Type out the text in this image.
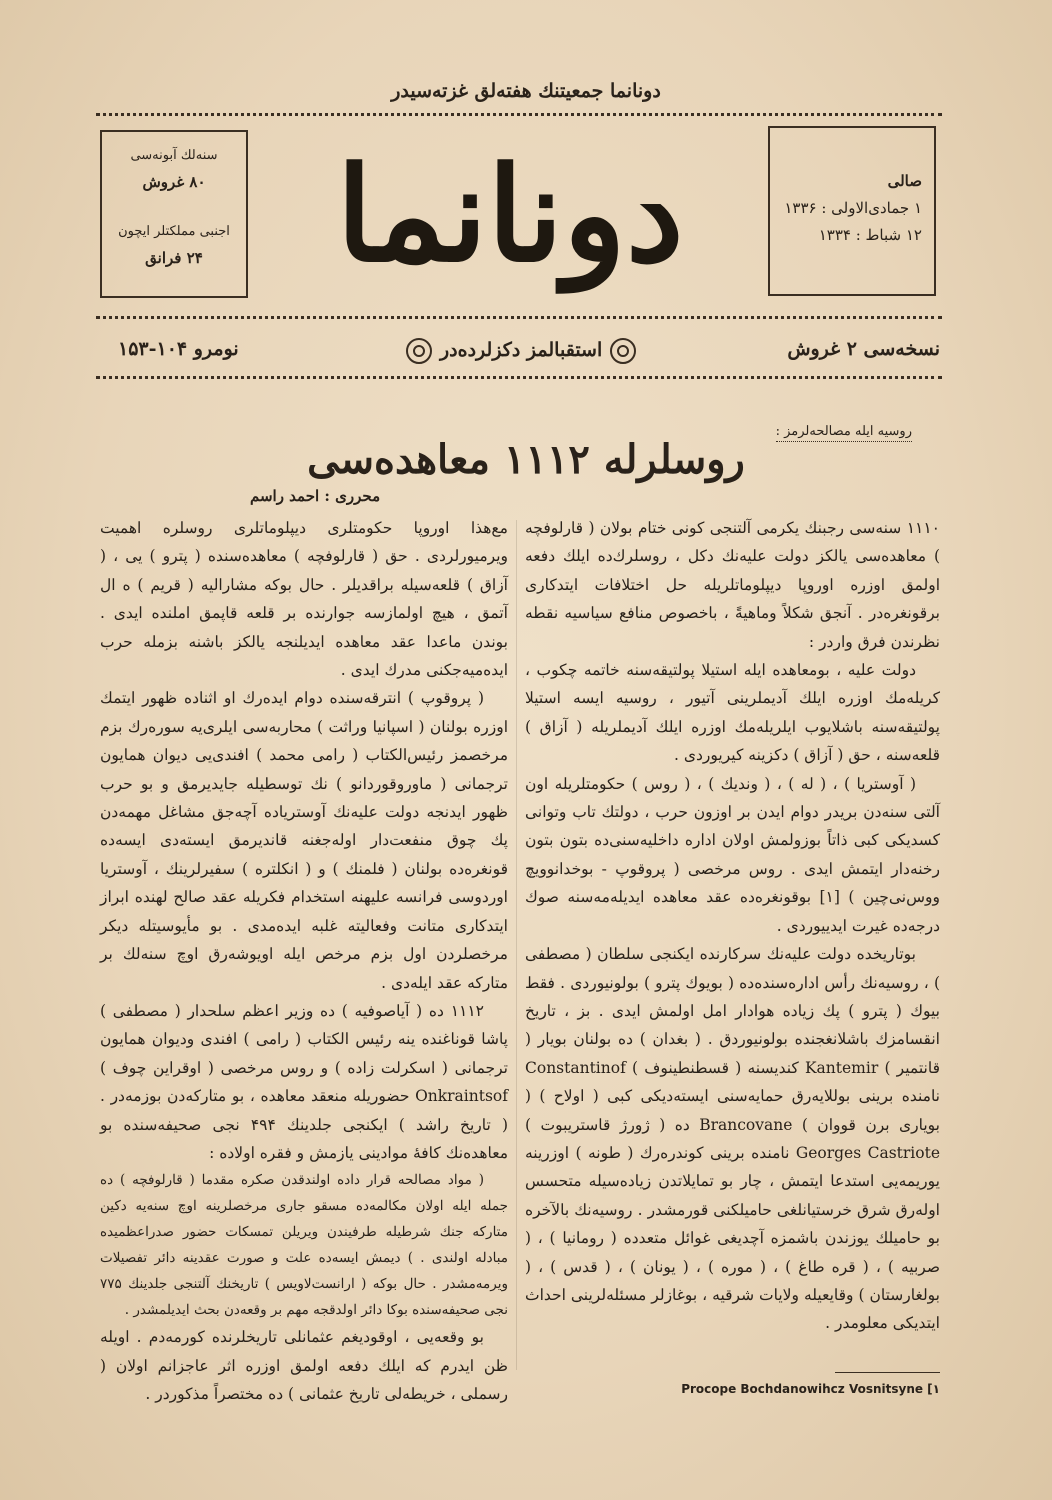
دونانما جمعیتنك هفته‌لق غزته‌سیدر
صالی
۱ جمادی‌الاولی : ۱۳۳۶
۱۲ شباط : ۱۳۳۴
دونانما
سنه‌لك آبونه‌سی
۸۰ غروش
اجنبی مملكتلر ایچون
۲۴ فرانق
نسخه‌سی ۲ غروش
استقبالمز دكزلرده‌در
نومرو ۱۰۴-۱۵۳
روسیه ایله مصالحه‌لرمز :
روسلرله ۱۱۱۲ معاهده‌سی
محرری : احمد راسم

۱۱۱۰ سنه‌سی رجبنك یكرمی آلتنجی كونی ختام بولان ( قارلوفچه ) معاهده‌سی یالكز دولت علیه‌نك دكل ، روسلرك‌ده ایلك دفعه اولمق اوزره اوروپا دیپلوماتلریله حل اختلافات ایتدكاری برقونغره‌در . آنجق شكلاً وماهیةً ، باخصوص منافع سیاسیه نقطه نظرندن فرق واردر :

دولت علیه ، بومعاهده ایله استیلا پولتیقه‌سنه خاتمه چكوب ، كریله‌مك اوزره ایلك آدیملرینی آتیور ، روسیه ایسه استیلا پولتیقه‌سنه باشلایوب ایلریله‌مك اوزره ایلك آدیملریله ( آزاق ) قلعه‌سنه ، حق ( آزاق ) دكزینه كیریوردی .

( آوستریا ) ، ( له ) ، ( وندیك ) ، ( روس ) حكومتلریله اون آلتی سنه‌دن بریدر دوام ایدن بر اوزون حرب ، دولتك تاب وتوانی كسدیكی كبی ذاتاً بوزولمش اولان اداره داخلیه‌سنی‌ده بتون بتون رخنه‌دار ایتمش ایدی . روس مرخصی ( پروقوپ - بوخدانوویچ ووس‌نی‌چین ) [۱] بوقونغره‌ده عقد معاهده ایدیله‌مه‌سنه صوك درجه‌ده غیرت ایدییوردی .

بوتاریخده دولت علیه‌نك سركارنده ایكنجی سلطان ( مصطفی ) ، روسیه‌نك رأس اداره‌سنده‌ده ( بویوك پترو ) بولونیوردی . فقط بیوك ( پترو ) پك زیاده هوادار امل اولمش ایدی . بز ، تاریخ انقسامزك باشلانغجنده بولونیوردق . ( بغدان ) ده بولنان بویار ( قانتمیر ) Kantemir كندیسنه ( قسطنطینوف ) Constantinof نامنده برینی بوللایه‌رق حمایه‌سنی ایسته‌دیكی كبی ( اولاح ) ( بویاری برن قووان ) Brancovane ده ( ژورژ قاستریبوت ) Georges Castriote نامنده برینی كوندره‌رك ( طونه ) اوزرینه یوریمه‌یی استدعا ایتمش ، چار بو تمایلاتدن زیاده‌سیله متحسس اوله‌رق شرق خرستیانلغی حامیلكنی قورمشدر . روسیه‌نك بالآخره بو حامیلك یوزندن باشمزه آچدیغی غوائل متعدده ( رومانیا ) ، ( صربیه ) ، ( قره طاغ ) ، ( موره ) ، ( یونان ) ، ( قدس ) ، ( بولغارستان ) وقایعیله ولایات شرقیه ، بوغازلر مسئله‌لرینی احداث ایتدیكی معلومدر .

مع‌هذا اوروپا حكومتلری دیپلوماتلری روسلره اهمیت ویرمیورلردی . حق ( قارلوفچه ) معاهده‌سنده ( پترو ) یی ، ( آزاق ) قلعه‌سیله براقدیلر . حال بوكه مشارالیه ( قریم ) ه ال آتمق ، هیچ اولمازسه جوارنده بر قلعه قاپمق املنده ایدی . بوندن ماعدا عقد معاهده ایدیلنجه یالكز باشنه بزمله حرب ایده‌میه‌جكنی مدرك ایدی .

( پروقوپ ) انترقه‌سنده دوام ایده‌رك او اثناده ظهور ایتمك اوزره بولنان ( اسپانیا وراثت ) محاربه‌سی ایلری‌یه سوره‌رك بزم مرخصمز رئیس‌الكتاب ( رامی محمد ) افندی‌یی دیوان همایون ترجمانی ( ماوروقوردانو ) نك توسطیله جایدیرمق و بو حرب ظهور ایدنجه دولت علیه‌نك آوستریاده آچه‌جق مشاغل مهمه‌دن پك چوق منفعت‌دار اوله‌جغنه قاندیرمق ایسته‌دی ایسه‌ده قونغره‌ده بولنان ( فلمنك ) و ( انكلتره ) سفیرلرینك ، آوستریا اوردوسی فرانسه علیهنه استخدام فكریله عقد صالح لهنده ابراز ایتدكاری متانت وفعالیته غلبه ایده‌مدی . بو مأیوسیتله دیكر مرخصلردن اول بزم مرخص ایله اویوشه‌رق اوچ سنه‌لك بر متاركه عقد ایله‌دی .

۱۱۱۲ ده ( آیاصوفیه ) ده وزیر اعظم سلحدار ( مصطفی ) پاشا قوناغنده ینه رئیس الكتاب ( رامی ) افندی ودیوان همایون ترجمانی ( اسكرلت زاده ) و روس مرخصی ( اوقراین چوف ) Onkraintsof حضوریله منعقد معاهده ، بو متاركه‌دن بوزمه‌در . ( تاریخ راشد ) ایكنجی جلدینك ۴۹۴ نجی صحیفه‌سنده بو معاهده‌نك كافهٔ موادینی یازمش و فقره اولاده :

( مواد مصالحه قرار داده اولندقدن صكره مقدما ( قارلوفچه ) ده جمله ایله اولان مكالمه‌ده مسقو جاری مرخصلرینه اوچ سنه‌یه دكین متاركه جنك شرطیله طرفیندن ویریلن تمسكات حضور صدراعظمیده مبادله اولندی . ) دیمش ایسه‌ده علت و صورت عقدینه دائر تفصیلات ویرمه‌مشدر . حال بوكه ( ارانست‌لاویس ) تاریخنك آلتنجی جلدینك ۷۷۵ نجی صحیفه‌سنده بوكا دائر اولدقجه مهم بر وقعه‌دن بحث ایدیلمشدر .

بو وقعه‌یی ، اوقودیغم عثمانلی تاریخلرنده كورمه‌دم . اویله ظن ایدرم كه ایلك دفعه اولمق اوزره اثر عاجزانم اولان ( رسملی ، خریطه‌لی تاریخ عثمانی ) ده مختصراً مذكوردر .	Procope Bochdanowihcz Vosnitsyne [۱
